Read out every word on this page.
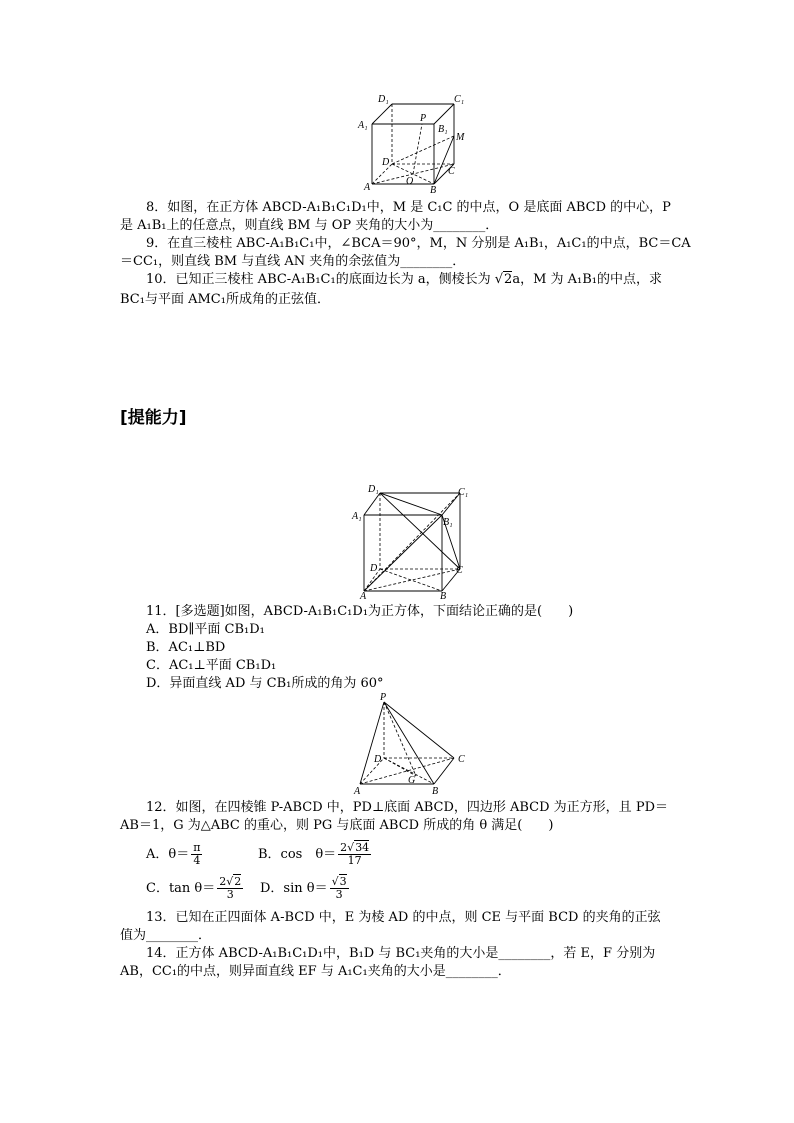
D₁	C₁
A₁
P
B₁
M
D
C
A
O
B
8．如图，在正方体 ABCD-A₁B₁C₁D₁中，M 是 C₁C 的中点，O 是底面 ABCD 的中心，P
是 A₁B₁上的任意点，则直线 BM 与 OP 夹角的大小为________．
9．在直三棱柱 ABC-A₁B₁C₁中，∠BCA＝90°，M，N 分别是 A₁B₁，A₁C₁的中点，BC＝CA
＝CC₁，则直线 BM 与直线 AN 夹角的余弦值为________．
10．已知正三棱柱 ABC-A₁B₁C₁的底面边长为 a，侧棱长为 √2a，M 为 A₁B₁的中点，求
BC₁与平面 AMC₁所成角的正弦值．
[提能力]
D₁	C₁
A₁
B₁
D	C
A	B
11．[多选题]如图，ABCD-A₁B₁C₁D₁为正方体，下面结论正确的是(　　)
A．BD∥平面 CB₁D₁
B．AC₁⊥BD
C．AC₁⊥平面 CB₁D₁
D．异面直线 AD 与 CB₁所成的角为 60°
P
D	C
G
A	B
12．如图，在四棱锥 P-ABCD 中，PD⊥底面 ABCD，四边形 ABCD 为正方形，且 PD＝
AB＝1，G 为△ABC 的重心，则 PG 与底面 ABCD 所成的角 θ 满足(　　)
A．$\theta= \frac{\pi}{4}$	B．cos　$\theta= \frac{2√34}{17}$
C．$\tan \theta= \frac{2√2}{3}$ D．$\sin \theta= \frac{√3}{3}$
13．已知在正四面体 A-BCD 中，E 为棱 AD 的中点，则 CE 与平面 BCD 的夹角的正弦
值为________．
14．正方体 ABCD-A₁B₁C₁D₁中，B₁D 与 BC₁夹角的大小是________，若 E，F 分别为
AB，CC₁的中点，则异面直线 EF 与 A₁C₁夹角的大小是________．
